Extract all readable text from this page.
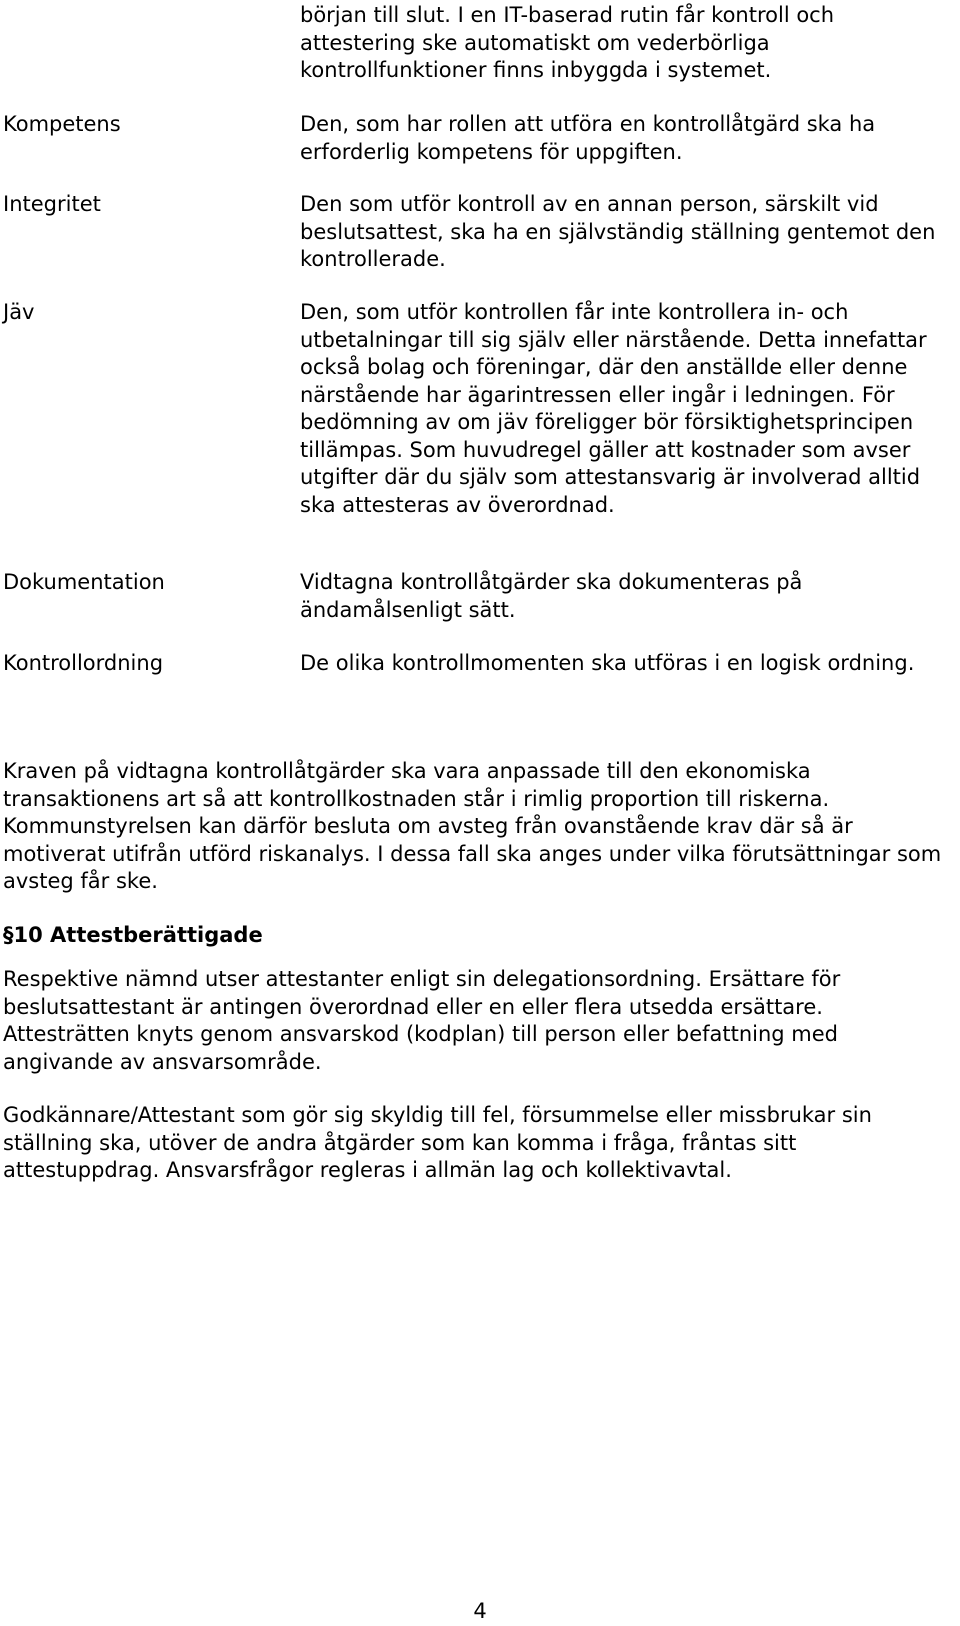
början till slut. I en IT-baserad rutin får kontroll och attestering ske automatiskt om vederbörliga kontrollfunktioner finns inbyggda i systemet.
Kompetens	Den, som har rollen att utföra en kontrollåtgärd ska ha erforderlig kompetens för uppgiften.
Integritet	Den som utför kontroll av en annan person, särskilt vid beslutsattest, ska ha en självständig ställning gentemot den kontrollerade.
Jäv	Den, som utför kontrollen får inte kontrollera in- och utbetalningar till sig själv eller närstående. Detta innefattar också bolag och föreningar, där den anställde eller denne närstående har ägarintressen eller ingår i ledningen. För bedömning av om jäv föreligger bör försiktighetsprincipen tillämpas. Som huvudregel gäller att kostnader som avser utgifter där du själv som attestansvarig är involverad alltid ska attesteras av överordnad.
Dokumentation	Vidtagna kontrollåtgärder ska dokumenteras på ändamålsenligt sätt.
Kontrollordning	De olika kontrollmomenten ska utföras i en logisk ordning.
Kraven på vidtagna kontrollåtgärder ska vara anpassade till den ekonomiska transaktionens art så att kontrollkostnaden står i rimlig proportion till riskerna. Kommunstyrelsen kan därför besluta om avsteg från ovanstående krav där så är motiverat utifrån utförd riskanalys. I dessa fall ska anges under vilka förutsättningar som avsteg får ske.
§10 Attestberättigade
Respektive nämnd utser attestanter enligt sin delegationsordning. Ersättare för beslutsattestant är antingen överordnad eller en eller flera utsedda ersättare. Attesträtten knyts genom ansvarskod (kodplan) till person eller befattning med angivande av ansvarsområde.
Godkännare/Attestant som gör sig skyldig till fel, försummelse eller missbrukar sin ställning ska, utöver de andra åtgärder som kan komma i fråga, fråntas sitt attestuppdrag. Ansvarsfrågor regleras i allmän lag och kollektivavtal.
4
